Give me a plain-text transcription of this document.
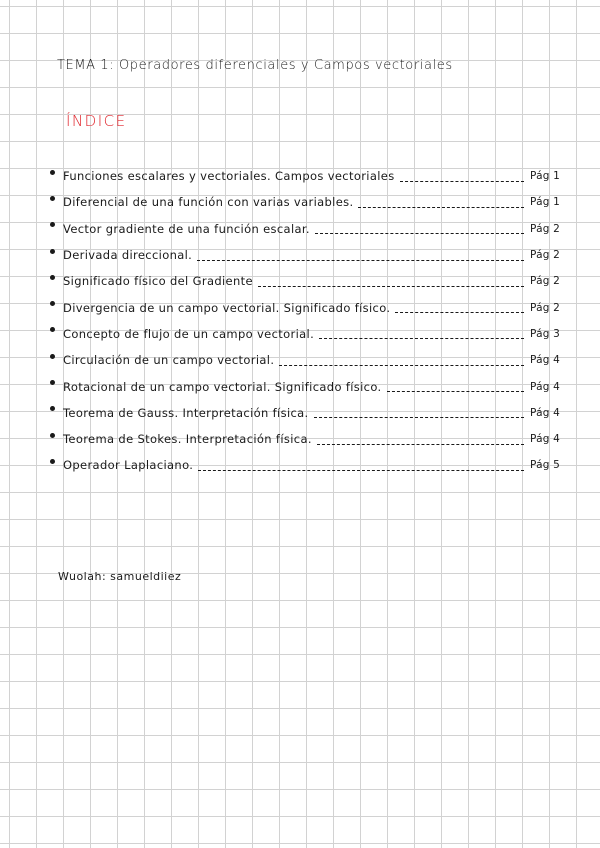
TEMA 1: Operadores diferenciales y Campos vectoriales
ÍNDICE
Funciones escalares y vectoriales. Campos vectoriales	Pág 1
Diferencial de una función con varias variables.	Pág 1
Vector gradiente de una función escalar.	Pág 2
Derivada direccional.	Pág 2
Significado físico del Gradiente	Pág 2
Divergencia de un campo vectorial. Significado físico.	Pág 2
Concepto de flujo de un campo vectorial.	Pág 3
Circulación de un campo vectorial.	Pág 4
Rotacional de un campo vectorial. Significado físico.	Pág 4
Teorema de Gauss. Interpretación física.	Pág 4
Teorema de Stokes. Interpretación física.	Pág 4
Operador Laplaciano.	Pág 5
Wuolah: samueldiiez
